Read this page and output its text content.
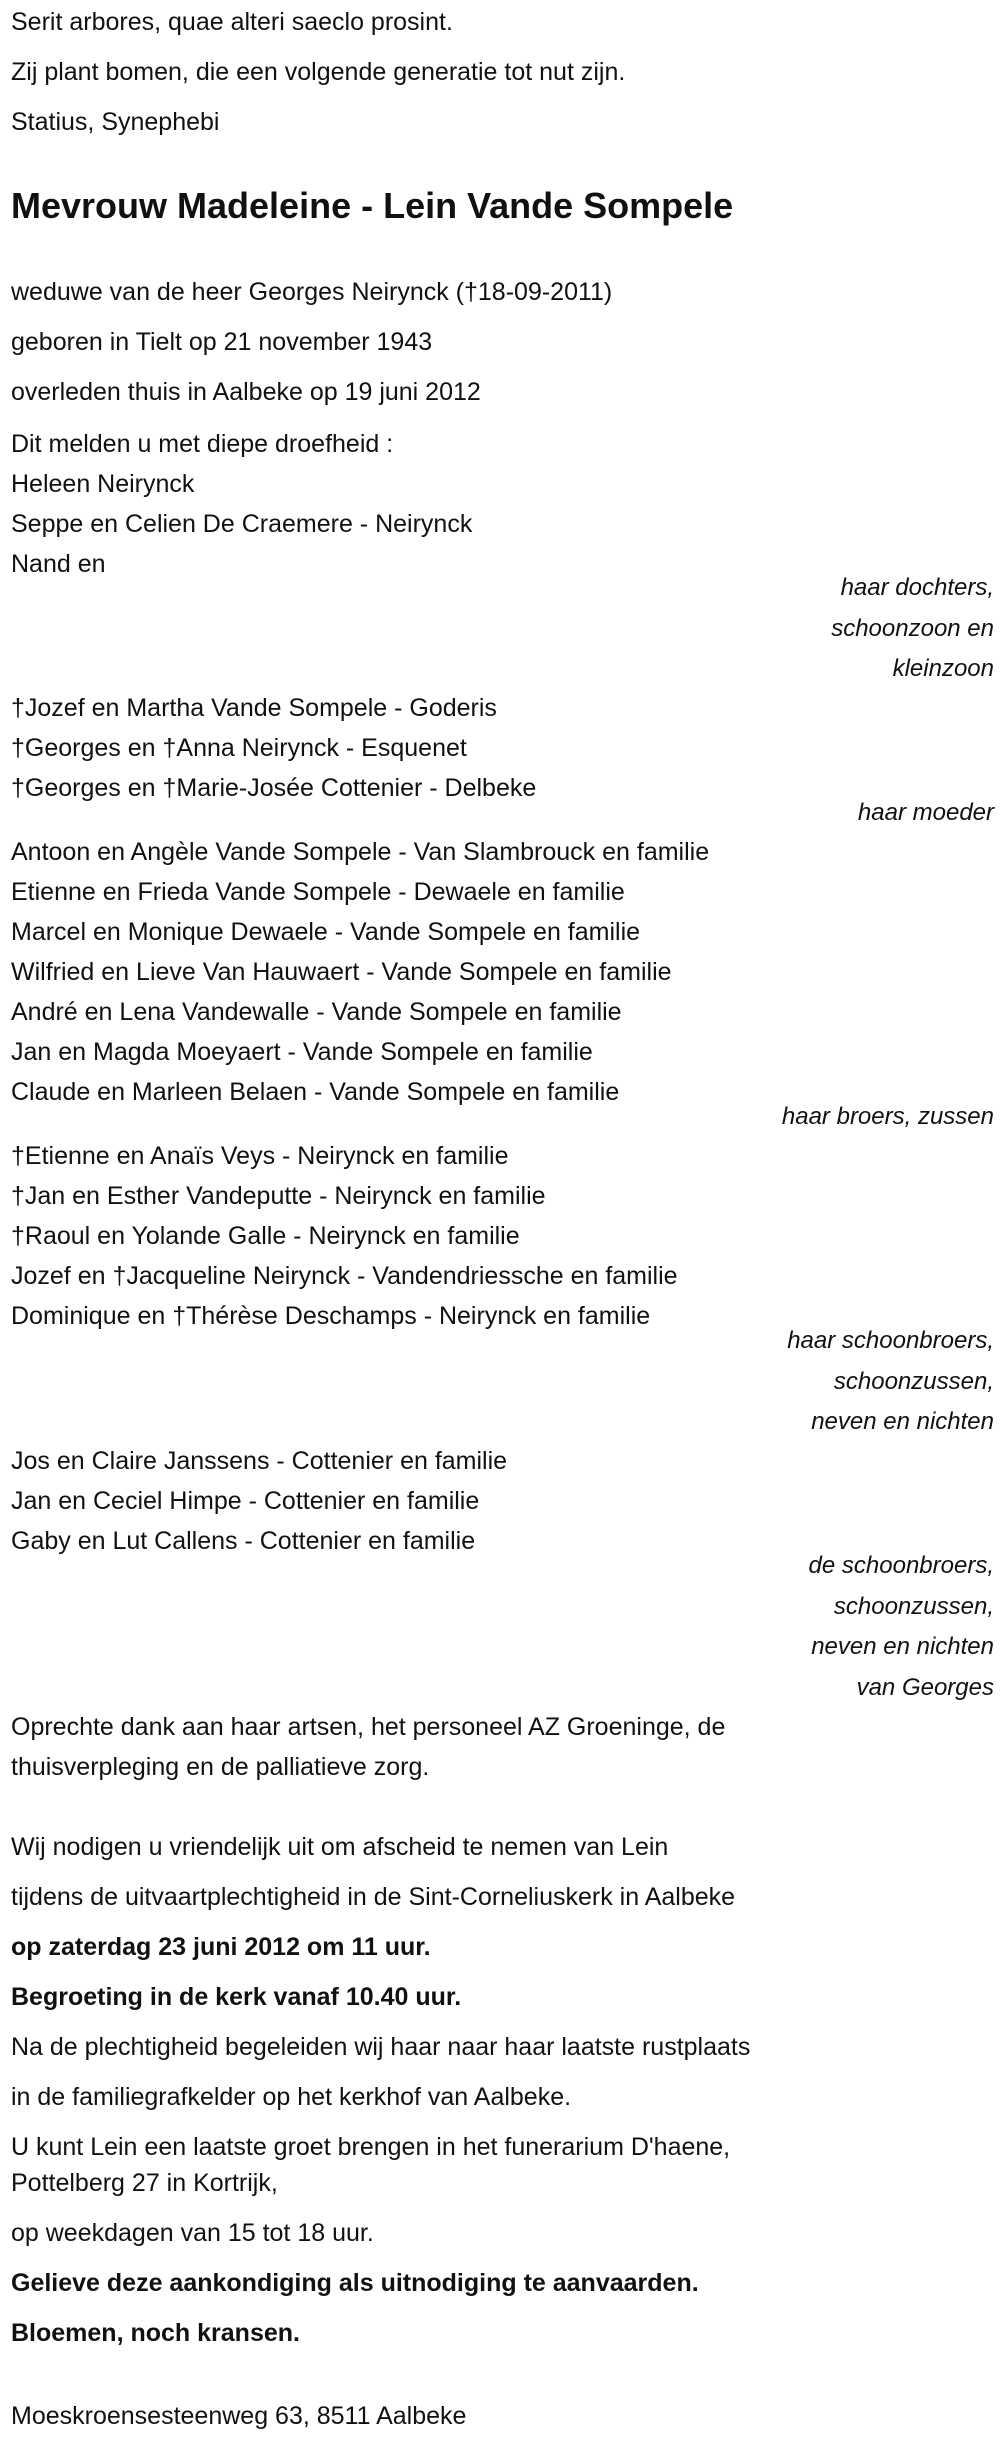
Serit arbores, quae alteri saeclo prosint.
Zij plant bomen, die een volgende generatie tot nut zijn.
Statius, Synephebi
Mevrouw Madeleine - Lein Vande Sompele
weduwe van de heer Georges Neirynck (†18-09-2011)
geboren in Tielt op 21 november 1943
overleden thuis in Aalbeke op 19 juni 2012
Dit melden u met diepe droefheid :
Heleen Neirynck
Seppe en Celien De Craemere - Neirynck
Nand en
haar dochters,
schoonzoon en
kleinzoon
†Jozef en Martha Vande Sompele - Goderis
†Georges en †Anna Neirynck - Esquenet
†Georges en †Marie-Josée Cottenier - Delbeke
haar moeder
Antoon en Angèle Vande Sompele - Van Slambrouck en familie
Etienne en Frieda Vande Sompele - Dewaele en familie
Marcel en Monique Dewaele - Vande Sompele en familie
Wilfried en Lieve Van Hauwaert - Vande Sompele en familie
André en Lena Vandewalle - Vande Sompele en familie
Jan en Magda Moeyaert - Vande Sompele en familie
Claude en Marleen Belaen - Vande Sompele en familie
haar broers, zussen
†Etienne en Anaïs Veys - Neirynck en familie
†Jan en Esther Vandeputte - Neirynck en familie
†Raoul en Yolande Galle - Neirynck en familie
Jozef en †Jacqueline Neirynck - Vandendriessche en familie
Dominique en †Thérèse Deschamps - Neirynck en familie
haar schoonbroers,
schoonzussen,
neven en nichten
Jos en Claire Janssens - Cottenier en familie
Jan en Ceciel Himpe - Cottenier en familie
Gaby en Lut Callens - Cottenier en familie
de schoonbroers,
schoonzussen,
neven en nichten
van Georges
Oprechte dank aan haar artsen, het personeel AZ Groeninge, de
thuisverpleging en de palliatieve zorg.
Wij nodigen u vriendelijk uit om afscheid te nemen van Lein
tijdens de uitvaartplechtigheid in de Sint-Corneliuskerk in Aalbeke
op zaterdag 23 juni 2012 om 11 uur.
Begroeting in de kerk vanaf 10.40 uur.
Na de plechtigheid begeleiden wij haar naar haar laatste rustplaats
in de familiegrafkelder op het kerkhof van Aalbeke.
U kunt Lein een laatste groet brengen in het funerarium D'haene,
Pottelberg 27 in Kortrijk,
op weekdagen van 15 tot 18 uur.
Gelieve deze aankondiging als uitnodiging te aanvaarden.
Bloemen, noch kransen.
Moeskroensesteenweg 63, 8511 Aalbeke
